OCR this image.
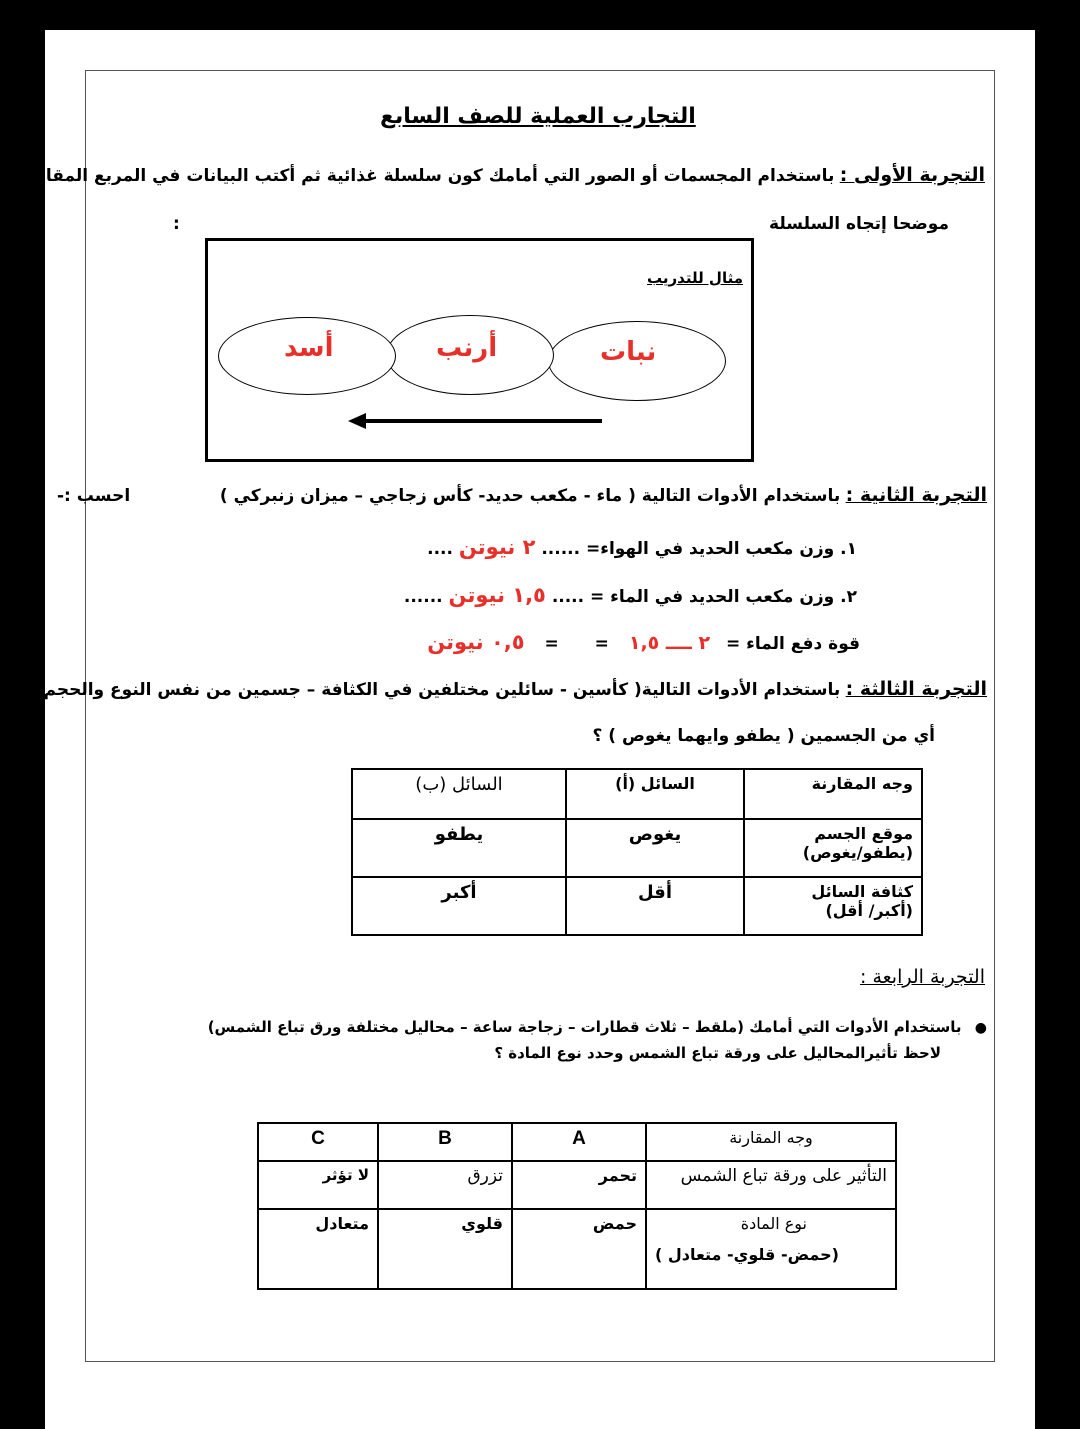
التجارب العملية للصف السابع
التجربة الأولى : باستخدام المجسمات أو الصور التي أمامك كون سلسلة غذائية ثم أكتب البيانات في المربع المقابل
موضحا إتجاه السلسلة
:
مثال للتدريب
نبات
أرنب
أسد
التجربة الثانية : باستخدام الأدوات التالية ( ماء - مكعب حديد- كأس زجاجي – ميزان زنبركي )
احسب :-
١. وزن مكعب الحديد في الهواء= ...... ٢ نيوتن ....
٢. وزن مكعب الحديد في الماء = ..... ١,٥ نيوتن ......
قوة دفع الماء = ٢ ــــ ١,٥ = = ٠,٥ نيوتن
التجربة الثالثة : باستخدام الأدوات التالية( كأسين - سائلين مختلفين في الكثافة – جسمين من نفس النوع والحجم )
أي من الجسمين ( يطفو وايهما يغوص ) ؟
وجه المقارنة	السائل (أ)	السائل (ب)

موقع الجسم
(يطفو/يغوص)	يغوص	يطفو

كثافة السائل
(أكبر/ أقل)	أقل	أكبر
التجربة الرابعة :
● باستخدام الأدوات التي أمامك (ملقط – ثلاث قطارات – زجاجة ساعة – محاليل مختلفة ورق تباع الشمس)
لاحظ تأثيرالمحاليل على ورقة تباع الشمس وحدد نوع المادة ؟
وجه المقارنة	A	B	C
التأثير على ورقة تباع الشمس	تحمر	تزرق	لا تؤثر

نوع المادة
(حمض- قلوي- متعادل )	حمض	قلوي	متعادل
